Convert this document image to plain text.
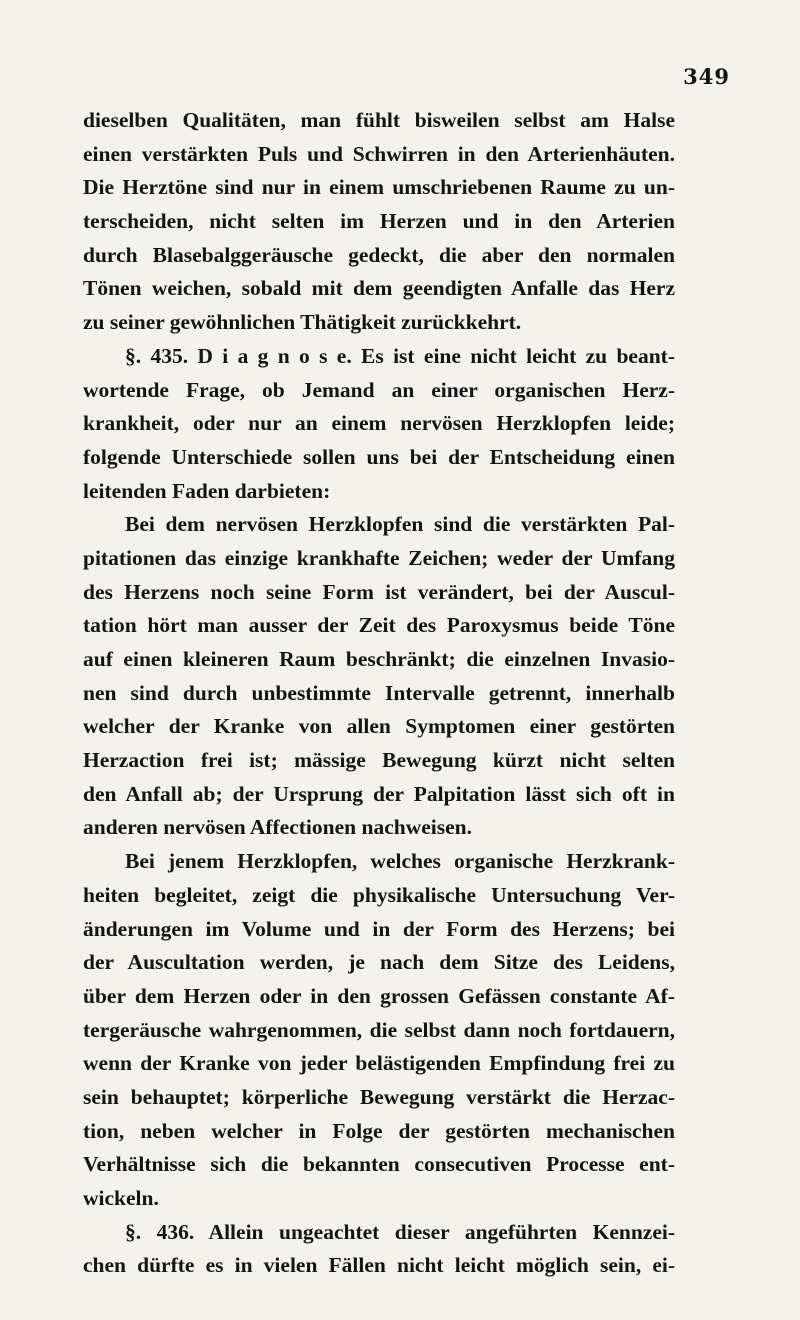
349
dieselben Qualitäten, man fühlt bisweilen selbst am Halse
einen verstärkten Puls und Schwirren in den Arterienhäuten.
Die Herztöne sind nur in einem umschriebenen Raume zu un-
terscheiden, nicht selten im Herzen und in den Arterien
durch Blasebalggeräusche gedeckt, die aber den normalen
Tönen weichen, sobald mit dem geendigten Anfalle das Herz
zu seiner gewöhnlichen Thätigkeit zurückkehrt.
§. 435. D i a g n o s e. Es ist eine nicht leicht zu beant-
wortende Frage, ob Jemand an einer organischen Herz-
krankheit, oder nur an einem nervösen Herzklopfen leide;
folgende Unterschiede sollen uns bei der Entscheidung einen
leitenden Faden darbieten:
Bei dem nervösen Herzklopfen sind die verstärkten Pal-
pitationen das einzige krankhafte Zeichen; weder der Umfang
des Herzens noch seine Form ist verändert, bei der Auscul-
tation hört man ausser der Zeit des Paroxysmus beide Töne
auf einen kleineren Raum beschränkt; die einzelnen Invasio-
nen sind durch unbestimmte Intervalle getrennt, innerhalb
welcher der Kranke von allen Symptomen einer gestörten
Herzaction frei ist; mässige Bewegung kürzt nicht selten
den Anfall ab; der Ursprung der Palpitation lässt sich oft in
anderen nervösen Affectionen nachweisen.
Bei jenem Herzklopfen, welches organische Herzkrank-
heiten begleitet, zeigt die physikalische Untersuchung Ver-
änderungen im Volume und in der Form des Herzens; bei
der Auscultation werden, je nach dem Sitze des Leidens,
über dem Herzen oder in den grossen Gefässen constante Af-
tergeräusche wahrgenommen, die selbst dann noch fortdauern,
wenn der Kranke von jeder belästigenden Empfindung frei zu
sein behauptet; körperliche Bewegung verstärkt die Herzac-
tion, neben welcher in Folge der gestörten mechanischen
Verhältnisse sich die bekannten consecutiven Processe ent-
wickeln.
§. 436. Allein ungeachtet dieser angeführten Kennzei-
chen dürfte es in vielen Fällen nicht leicht möglich sein, ei-
